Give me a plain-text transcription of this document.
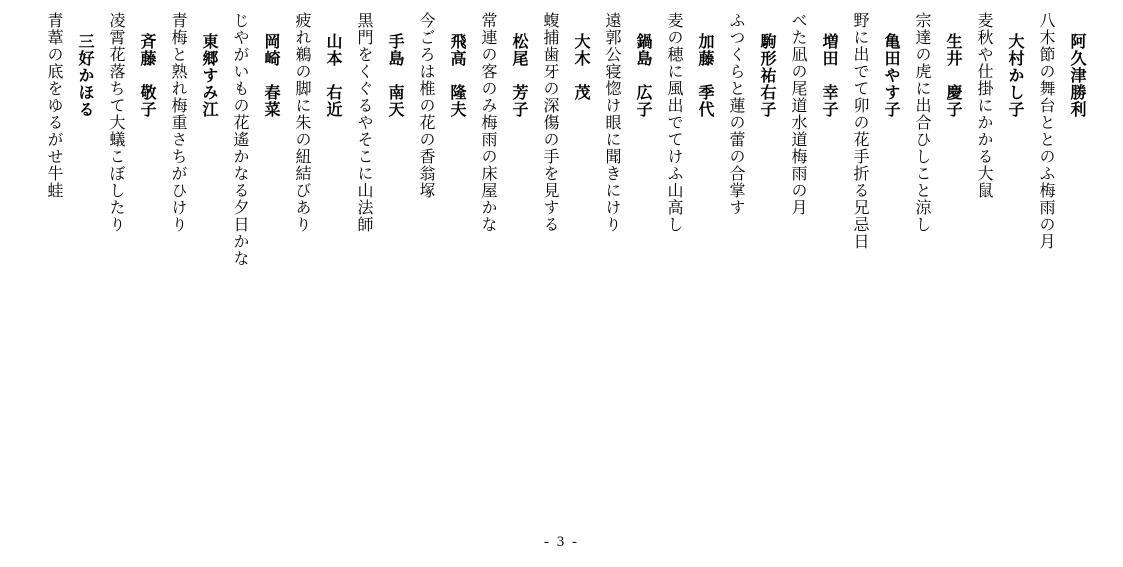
阿久津勝利
八木節の舞台ととのふ梅雨の月
大村かし子
麦秋や仕掛にかかる大鼠
生井　慶子
宗達の虎に出合ひしこと涼し
亀田やす子
野に出でて卯の花手折る兄忌日
増田　幸子
べた凪の尾道水道梅雨の月
駒形祐右子
ふつくらと蓮の蕾の合掌す
加藤　季代
麦の穂に風出でてけふ山高し
鍋島　広子
遠郭公寝惚け眼に聞きにけり
大木　茂
蝮捕歯牙の深傷の手を見する
松尾　芳子
常連の客のみ梅雨の床屋かな
飛高　隆夫
今ごろは椎の花の香翁塚
手島　南天
黒門をくぐるやそこに山法師
山本　右近
疲れ鵜の脚に朱の紐結びあり
岡崎　春菜
じやがいもの花遙かなる夕日かな
東郷すみ江
青梅と熟れ梅重さちがひけり
斉藤　敬子
凌霄花落ちて大蟻こぼしたり
三好かほる
青葦の底をゆるがせ牛蛙
- 3 -
